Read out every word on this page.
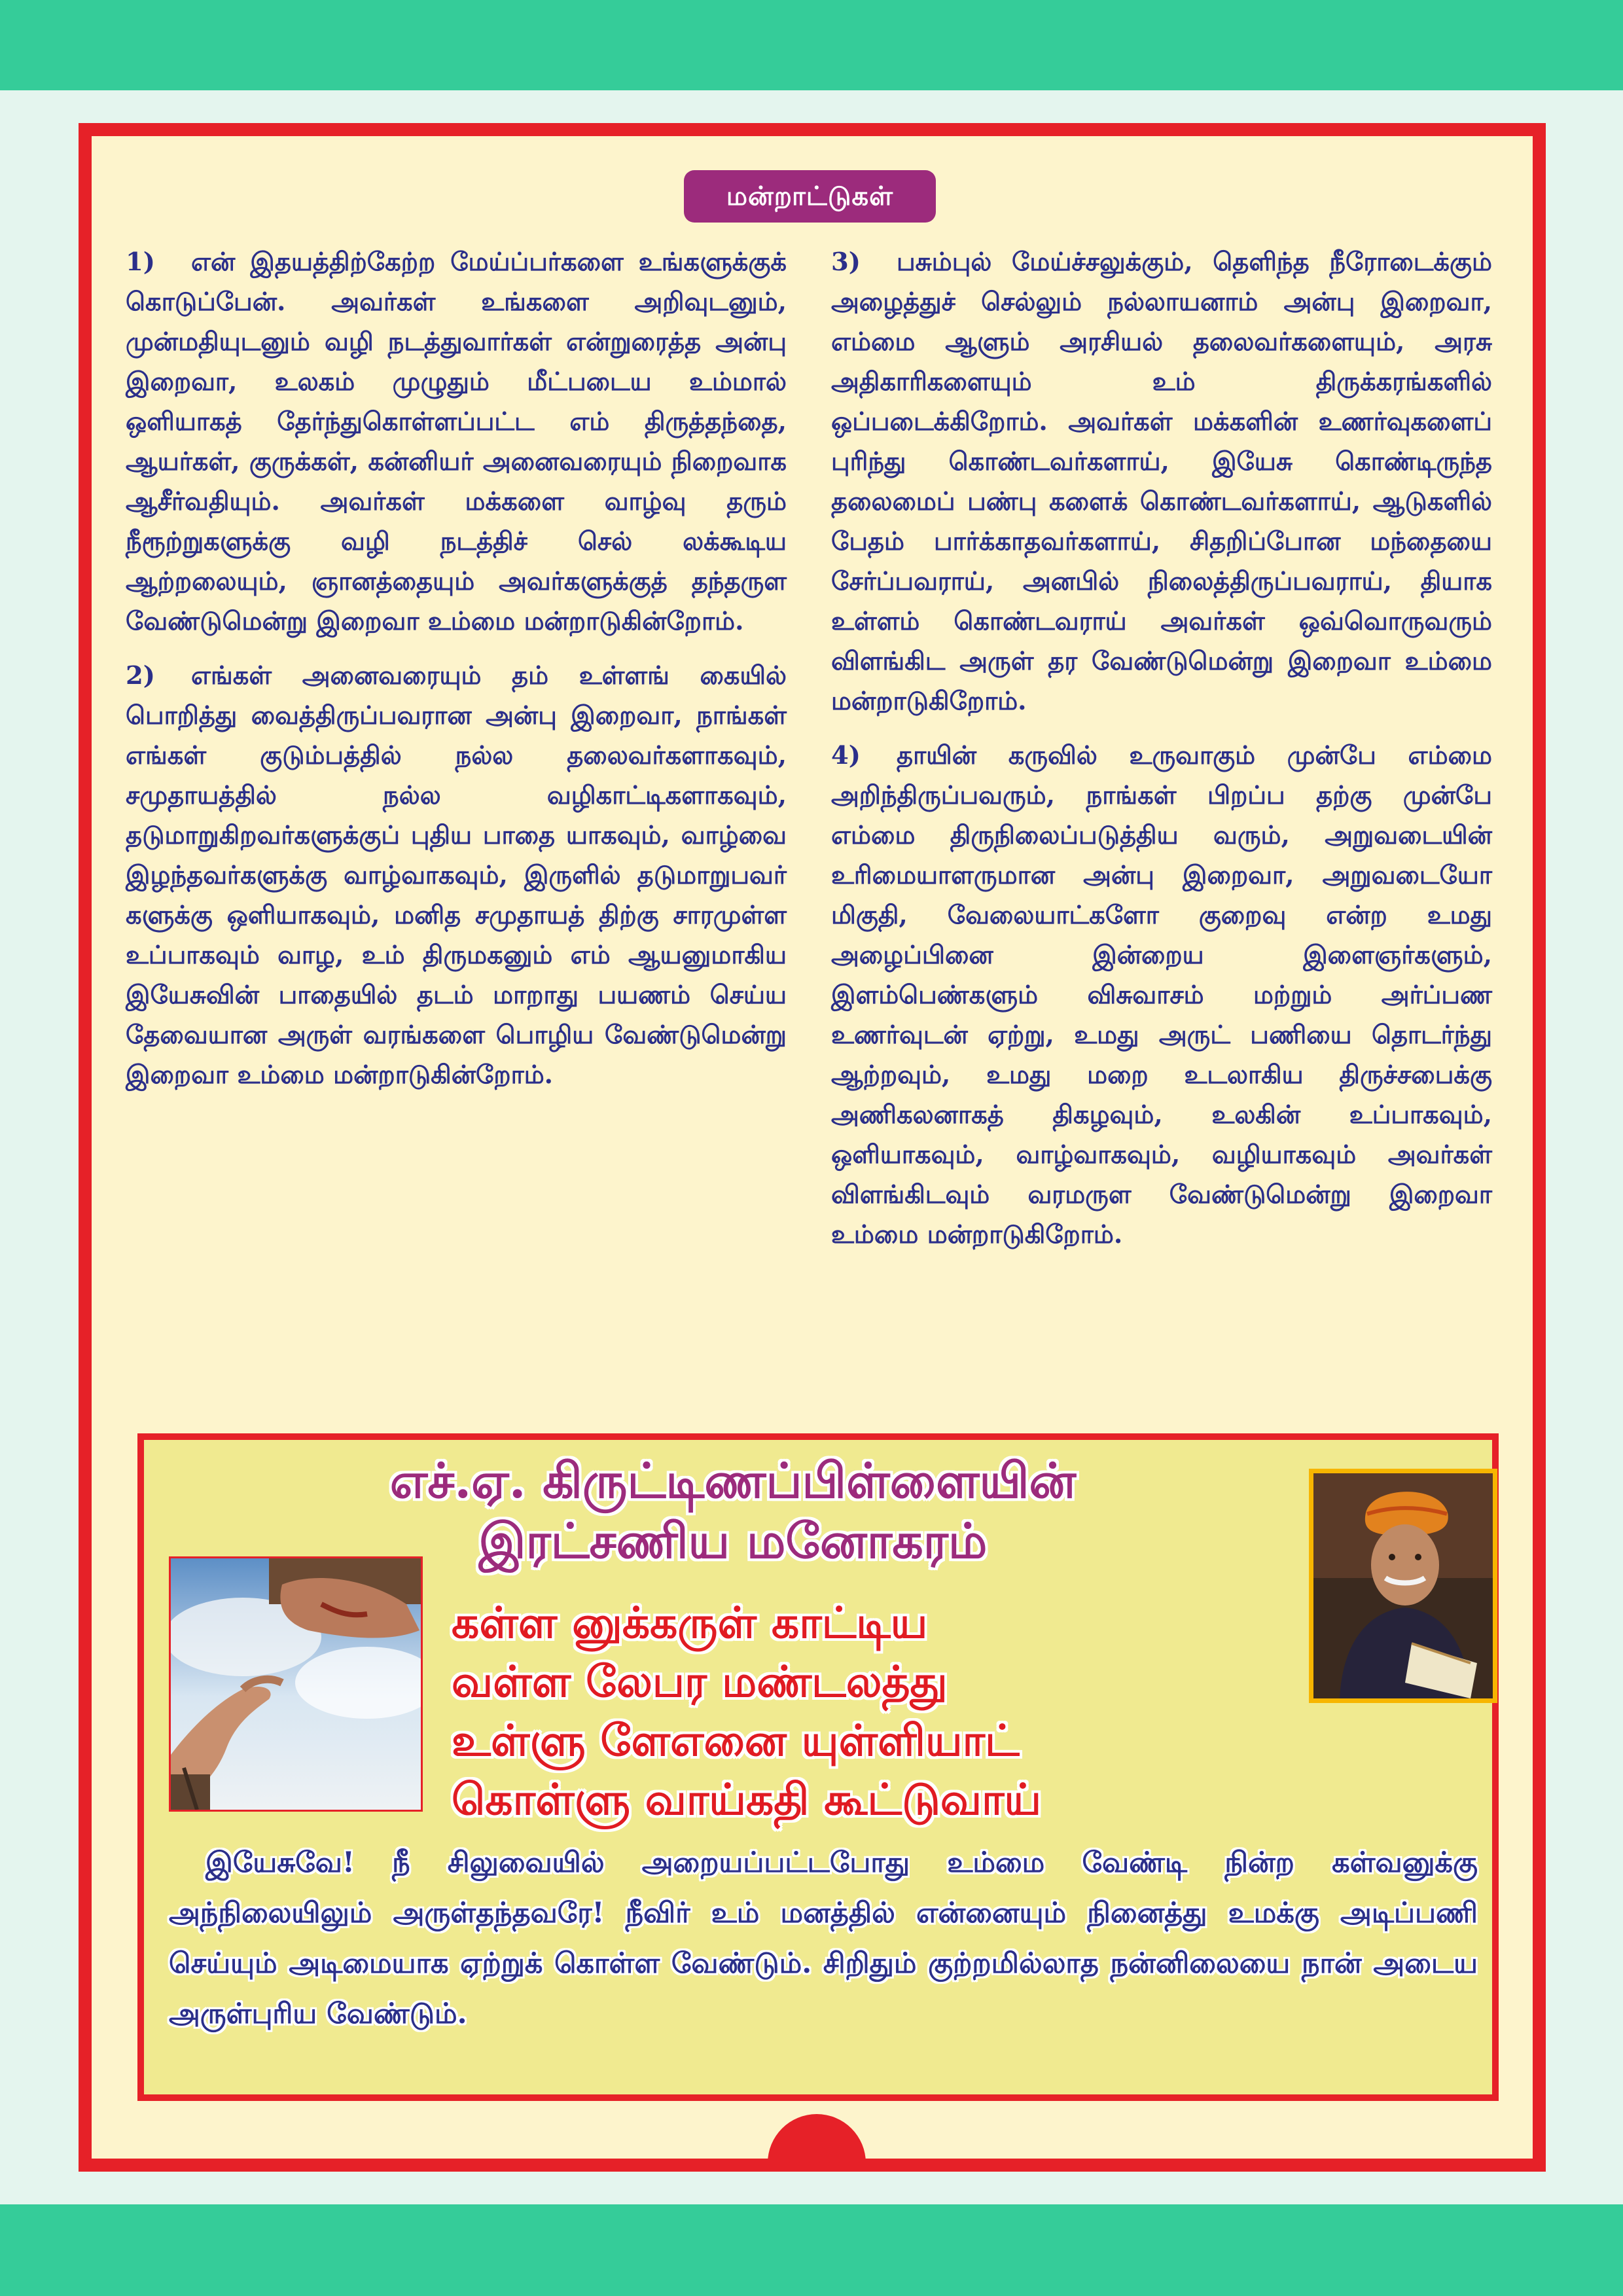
மன்றாட்டுகள்

1) என் இதயத்திற்கேற்ற மேய்ப்பர்களை உங்களுக்குக் கொடுப்பேன். அவர்கள் உங்களை அறிவுடனும், முன்மதியுடனும் வழி நடத்துவார்கள் என்றுரைத்த அன்பு இறைவா, உலகம் முழுதும் மீட்படைய உம்மால் ஒளியாகத் தேர்ந்துகொள்ளப்பட்ட எம் திருத்தந்தை, ஆயர்கள், குருக்கள், கன்னியர் அனைவரையும் நிறைவாக ஆசீர்வதியும். அவர்கள் மக்களை வாழ்வு தரும் நீரூற்றுகளுக்கு வழி நடத்திச் செல் லக்கூடிய ஆற்றலையும், ஞானத்தையும் அவர்களுக்குத் தந்தருள வேண்டுமென்று இறைவா உம்மை மன்றாடுகின்றோம்.

2) எங்கள் அனைவரையும் தம் உள்ளங் கையில் பொறித்து வைத்திருப்பவரான அன்பு இறைவா, நாங்கள் எங்கள் குடும்பத்தில் நல்ல தலைவர்களாகவும், சமுதாயத்தில் நல்ல வழிகாட்டிகளாகவும், தடுமாறுகிறவர்களுக்குப் புதிய பாதை யாகவும், வாழ்வை இழந்தவர்களுக்கு வாழ்வாகவும், இருளில் தடுமாறுபவர் களுக்கு ஒளியாகவும், மனித சமுதாயத் திற்கு சாரமுள்ள உப்பாகவும் வாழ, உம் திருமகனும் எம் ஆயனுமாகிய இயேசுவின் பாதையில் தடம் மாறாது பயணம் செய்ய தேவையான அருள் வரங்களை பொழிய வேண்டுமென்று இறைவா உம்மை மன்றாடுகின்றோம்.

3) பசும்புல் மேய்ச்சலுக்கும், தெளிந்த நீரோடைக்கும் அழைத்துச் செல்லும் நல்லாயனாம் அன்பு இறைவா, எம்மை ஆளும் அரசியல் தலைவர்களையும், அரசு அதிகாரிகளையும் உம் திருக்கரங்களில் ஒப்படைக்கிறோம். அவர்கள் மக்களின் உணர்வுகளைப் புரிந்து கொண்டவர்களாய், இயேசு கொண்டிருந்த தலைமைப் பண்பு களைக் கொண்டவர்களாய், ஆடுகளில் பேதம் பார்க்காதவர்களாய், சிதறிப்போன மந்தையை சேர்ப்பவராய், அனபில் நிலைத்திருப்பவராய், தியாக உள்ளம் கொண்டவராய் அவர்கள் ஒவ்வொருவரும் விளங்கிட அருள் தர வேண்டுமென்று இறைவா உம்மை மன்றாடுகிறோம்.

4) தாயின் கருவில் உருவாகும் முன்பே எம்மை அறிந்திருப்பவரும், நாங்கள் பிறப்ப தற்கு முன்பே எம்மை திருநிலைப்படுத்திய வரும், அறுவடையின் உரிமையாளருமான அன்பு இறைவா, அறுவடையோ மிகுதி, வேலையாட்களோ குறைவு என்ற உமது அழைப்பினை இன்றைய இளைஞர்களும், இளம்பெண்களும் விசுவாசம் மற்றும் அர்ப்பண உணர்வுடன் ஏற்று, உமது அருட் பணியை தொடர்ந்து ஆற்றவும், உமது மறை உடலாகிய திருச்சபைக்கு அணிகலனாகத் திகழவும், உலகின் உப்பாகவும், ஒளியாகவும், வாழ்வாகவும், வழியாகவும் அவர்கள் விளங்கிடவும் வரமருள வேண்டுமென்று இறைவா உம்மை மன்றாடுகிறோம்.

எச்.ஏ. கிருட்டிணப்பிள்ளையின்
இரட்சணிய மனோகரம்
கள்ள னுக்கருள் காட்டிய
வள்ள லேபர மண்டலத்து
உள்ளு ளேஎனை யுள்ளியாட்
கொள்ளு வாய்கதி கூட்டுவாய்
இயேசுவே! நீ சிலுவையில் அறையப்பட்டபோது உம்மை வேண்டி நின்ற கள்வனுக்கு அந்நிலையிலும் அருள்தந்தவரே! நீவிர் உம் மனத்தில் என்னையும் நினைத்து உமக்கு அடிப்பணி செய்யும் அடிமையாக ஏற்றுக் கொள்ள வேண்டும். சிறிதும் குற்றமில்லாத நன்னிலையை நான் அடைய அருள்புரிய வேண்டும்.
